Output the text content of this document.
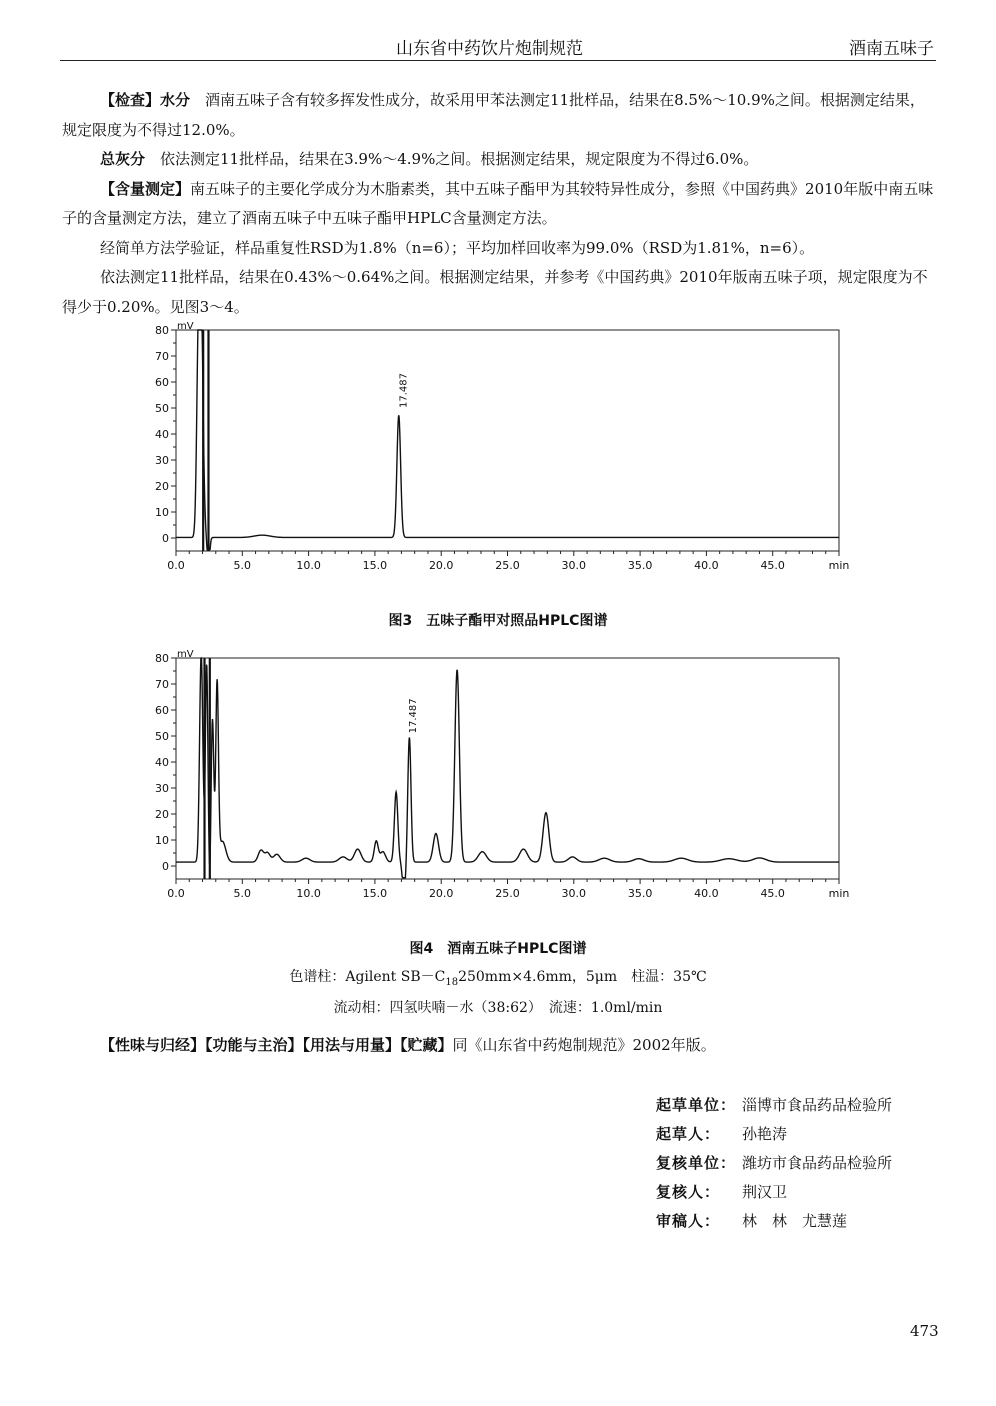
山东省中药饮片炮制规范	酒南五味子

【检查】水分　酒南五味子含有较多挥发性成分，故采用甲苯法测定11批样品，结果在8.5%～10.9%之间。根据测定结果，规定限度为不得过12.0%。

总灰分　依法测定11批样品，结果在3.9%～4.9%之间。根据测定结果，规定限度为不得过6.0%。

【含量测定】南五味子的主要化学成分为木脂素类，其中五味子酯甲为其较特异性成分，参照《中国药典》2010年版中南五味子的含量测定方法，建立了酒南五味子中五味子酯甲HPLC含量测定方法。

经简单方法学验证，样品重复性RSD为1.8%（n=6）；平均加样回收率为99.0%（RSD为1.81%，n=6）。

依法测定11批样品，结果在0.43%～0.64%之间。根据测定结果，并参考《中国药典》2010年版南五味子项，规定限度为不得少于0.20%。见图3～4。

0
10
20
30
40
50
60
70
80
0.0	5.0	10.0	15.0	20.0	25.0	30.0	35.0	40.0	45.0	min
mV
17.487
图3　五味子酯甲对照品HPLC图谱
0
10
20
30
40
50
60
70
80
0.0	5.0	10.0	15.0	20.0	25.0	30.0	35.0	40.0	45.0	min
mV
17.487
图4　酒南五味子HPLC图谱
色谱柱：Agilent $SB-C_{18}250mm\times 4.6mm$，5μm　柱温：35℃
流动相：四氢呋喃－水（38:62）　流速：1.0ml/min
【性味与归经】【功能与主治】【用法与用量】【贮藏】同《山东省中药炮制规范》2002年版。
起草单位： 淄博市食品药品检验所
起草人： 孙艳涛
复核单位： 潍坊市食品药品检验所
复核人： 荆汉卫
审稿人： 林　林　尤慧莲
473
